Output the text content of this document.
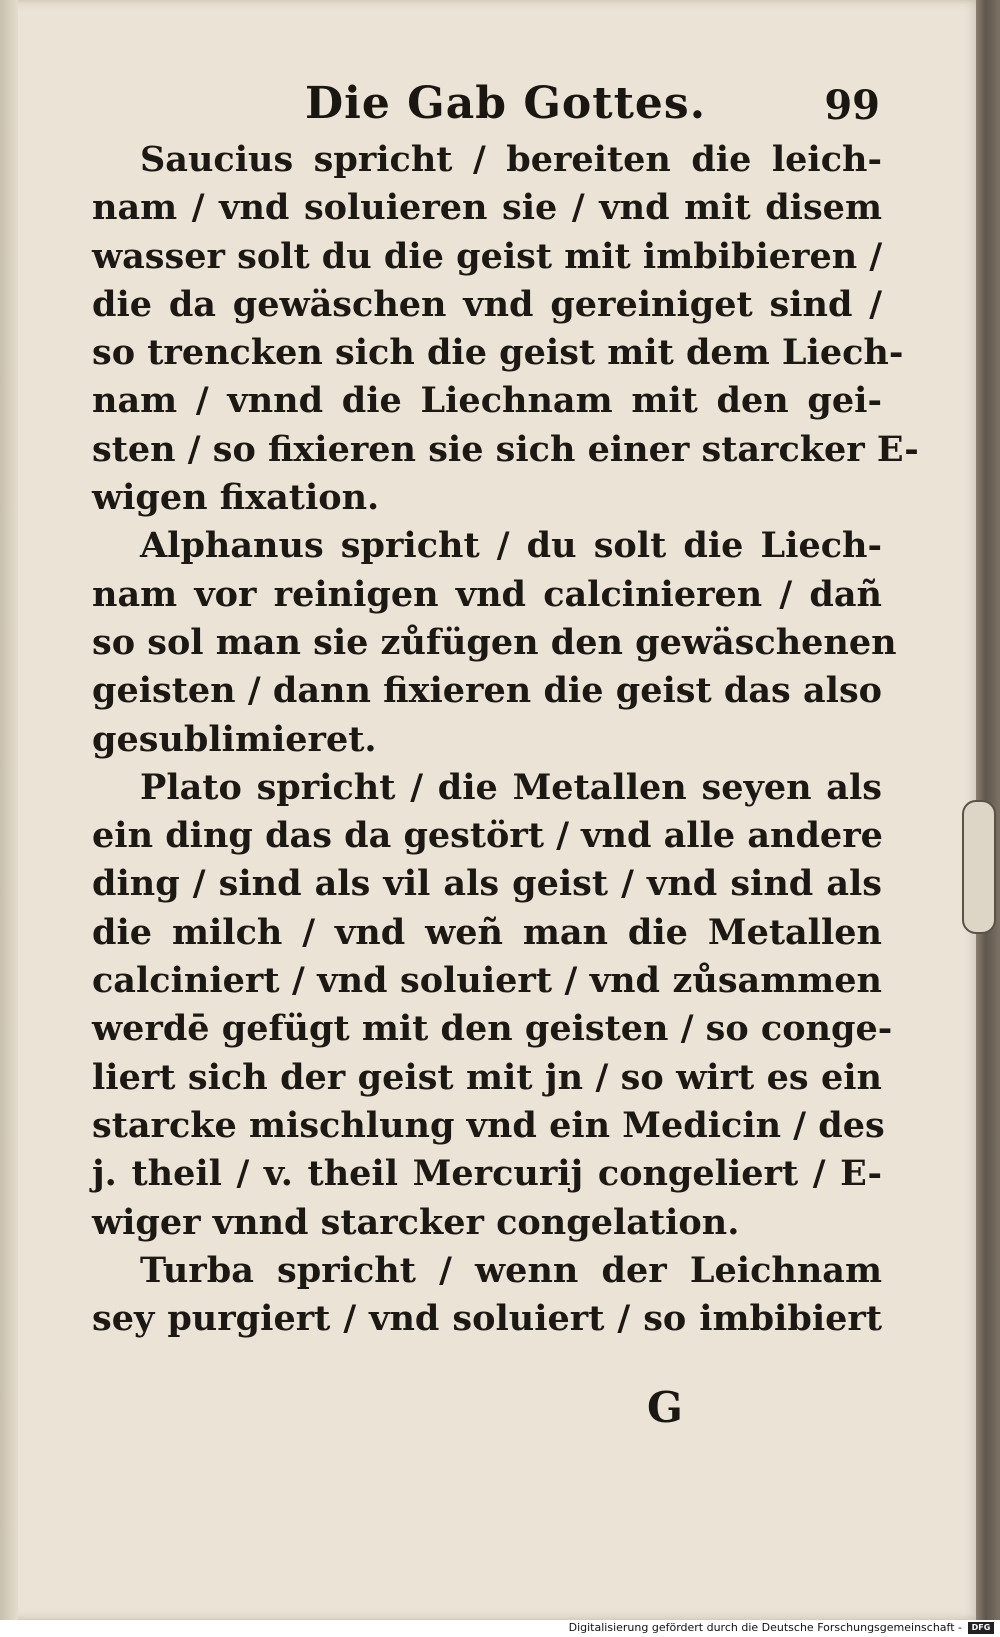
Die Gab Gottes.	99
Saucius spricht / bereiten die leich-
nam / vnd soluieren sie / vnd mit disem
wasser solt du die geist mit imbibieren /
die da gewäschen vnd gereiniget sind /
so trencken sich die geist mit dem Liech-
nam / vnnd die Liechnam mit den gei-
sten / so fixieren sie sich einer starcker E-
wigen fixation.
Alphanus spricht / du solt die Liech-
nam vor reinigen vnd calcinieren / dañ
so sol man sie zůfügen den gewäschenen
geisten / dann fixieren die geist das also
gesublimieret.
Plato spricht / die Metallen seyen als
ein ding das da gestört / vnd alle andere
ding / sind als vil als geist / vnd sind als
die milch / vnd weñ man die Metallen
calciniert / vnd soluiert / vnd zůsammen
werdē gefügt mit den geisten / so conge-
liert sich der geist mit jn / so wirt es ein
starcke mischlung vnd ein Medicin / des
j. theil / v. theil Mercurij congeliert / E-
wiger vnnd starcker congelation.
Turba spricht / wenn der Leichnam
sey purgiert / vnd soluiert / so imbibiert
G
Digitalisierung gefördert durch die Deutsche Forschungsgemeinschaft -	DFG
